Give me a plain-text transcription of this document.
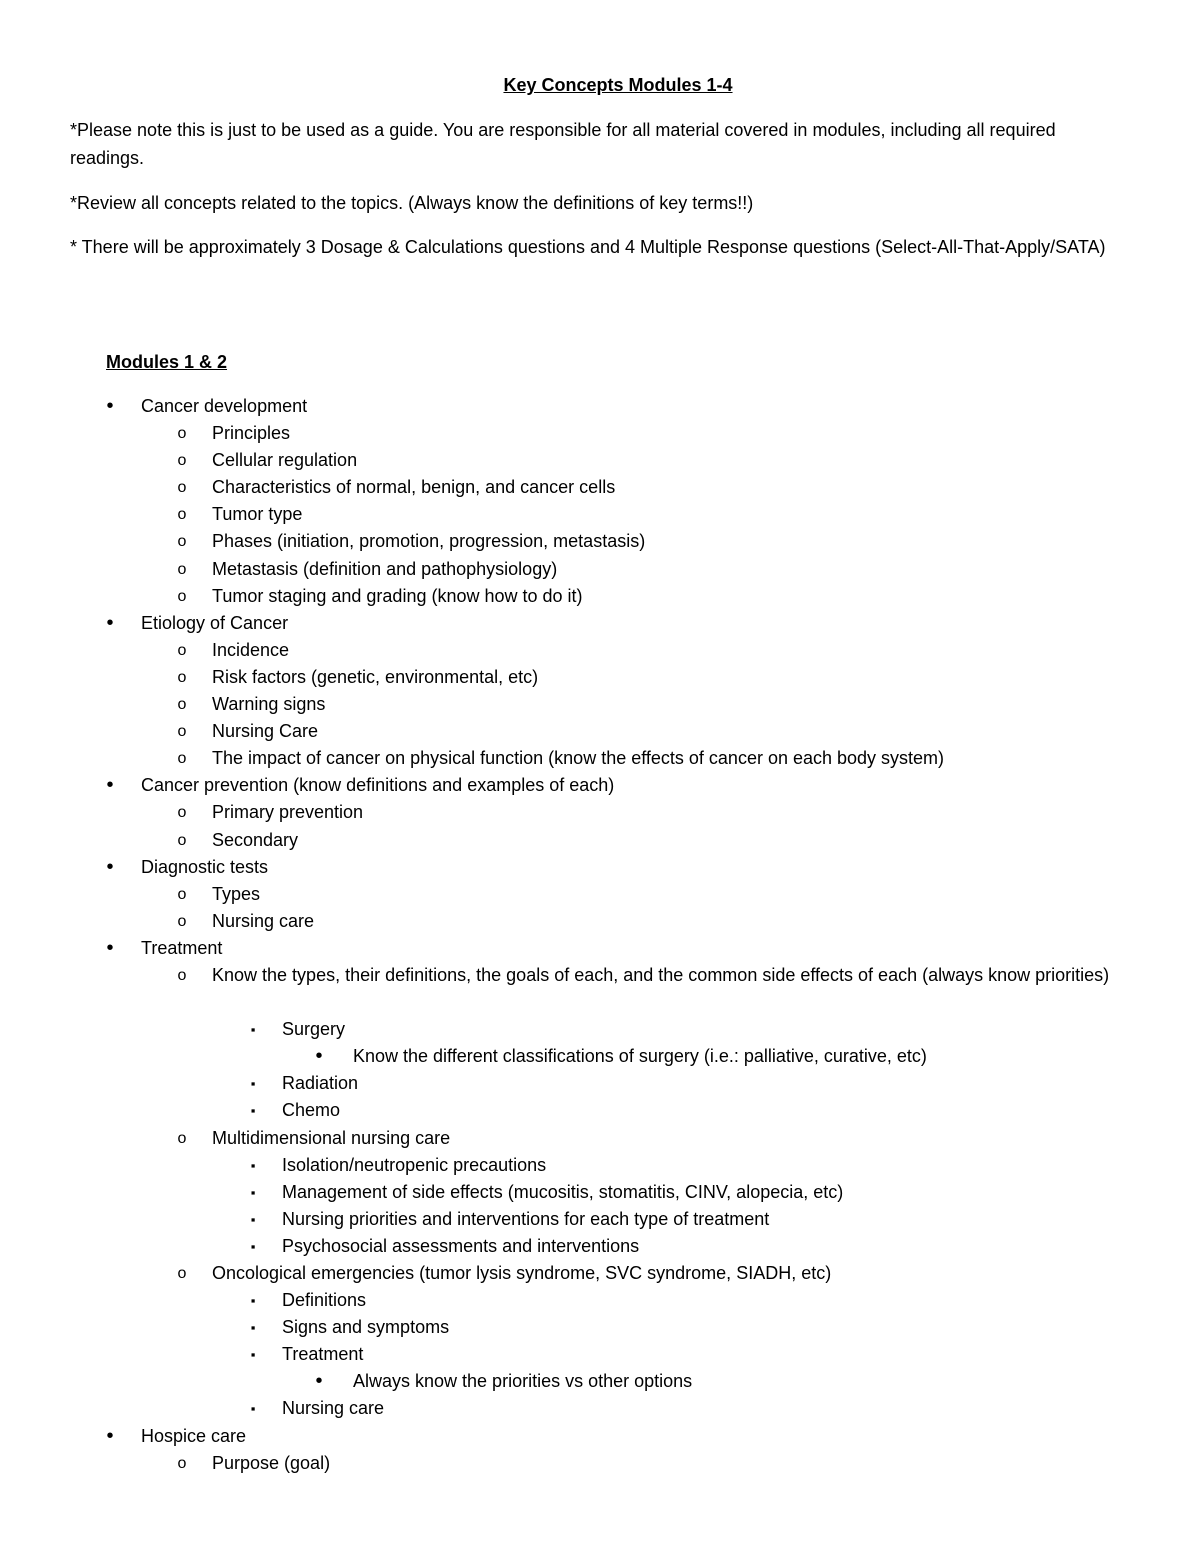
Key Concepts Modules 1-4
*Please note this is just to be used as a guide. You are responsible for all material covered in modules, including all required readings.
*Review all concepts related to the topics. (Always know the definitions of key terms!!)
* There will be approximately 3 Dosage & Calculations questions and 4 Multiple Response questions (Select-All-That-Apply/SATA)
Modules 1 & 2
•	Cancer development
o	Principles
o	Cellular regulation
o	Characteristics of normal, benign, and cancer cells
o	Tumor type
o	Phases (initiation, promotion, progression, metastasis)
o	Metastasis (definition and pathophysiology)
o	Tumor staging and grading (know how to do it)
•	Etiology of Cancer
o	Incidence
o	Risk factors (genetic, environmental, etc)
o	Warning signs
o	Nursing Care
o	The impact of cancer on physical function (know the effects of cancer on each body system)
•	Cancer prevention (know definitions and examples of each)
o	Primary prevention
o	Secondary
•	Diagnostic tests
o	Types
o	Nursing care
•	Treatment
o	Know the types, their definitions, the goals of each, and the common side effects of each (always know priorities)
▪	Surgery
•	Know the different classifications of surgery (i.e.: palliative, curative, etc)
▪	Radiation
▪	Chemo
o	Multidimensional nursing care
▪	Isolation/neutropenic precautions
▪	Management of side effects (mucositis, stomatitis, CINV, alopecia, etc)
▪	Nursing priorities and interventions for each type of treatment
▪	Psychosocial assessments and interventions
o	Oncological emergencies (tumor lysis syndrome, SVC syndrome, SIADH, etc)
▪	Definitions
▪	Signs and symptoms
▪	Treatment
•	Always know the priorities vs other options
▪	Nursing care
•	Hospice care
o	Purpose (goal)
